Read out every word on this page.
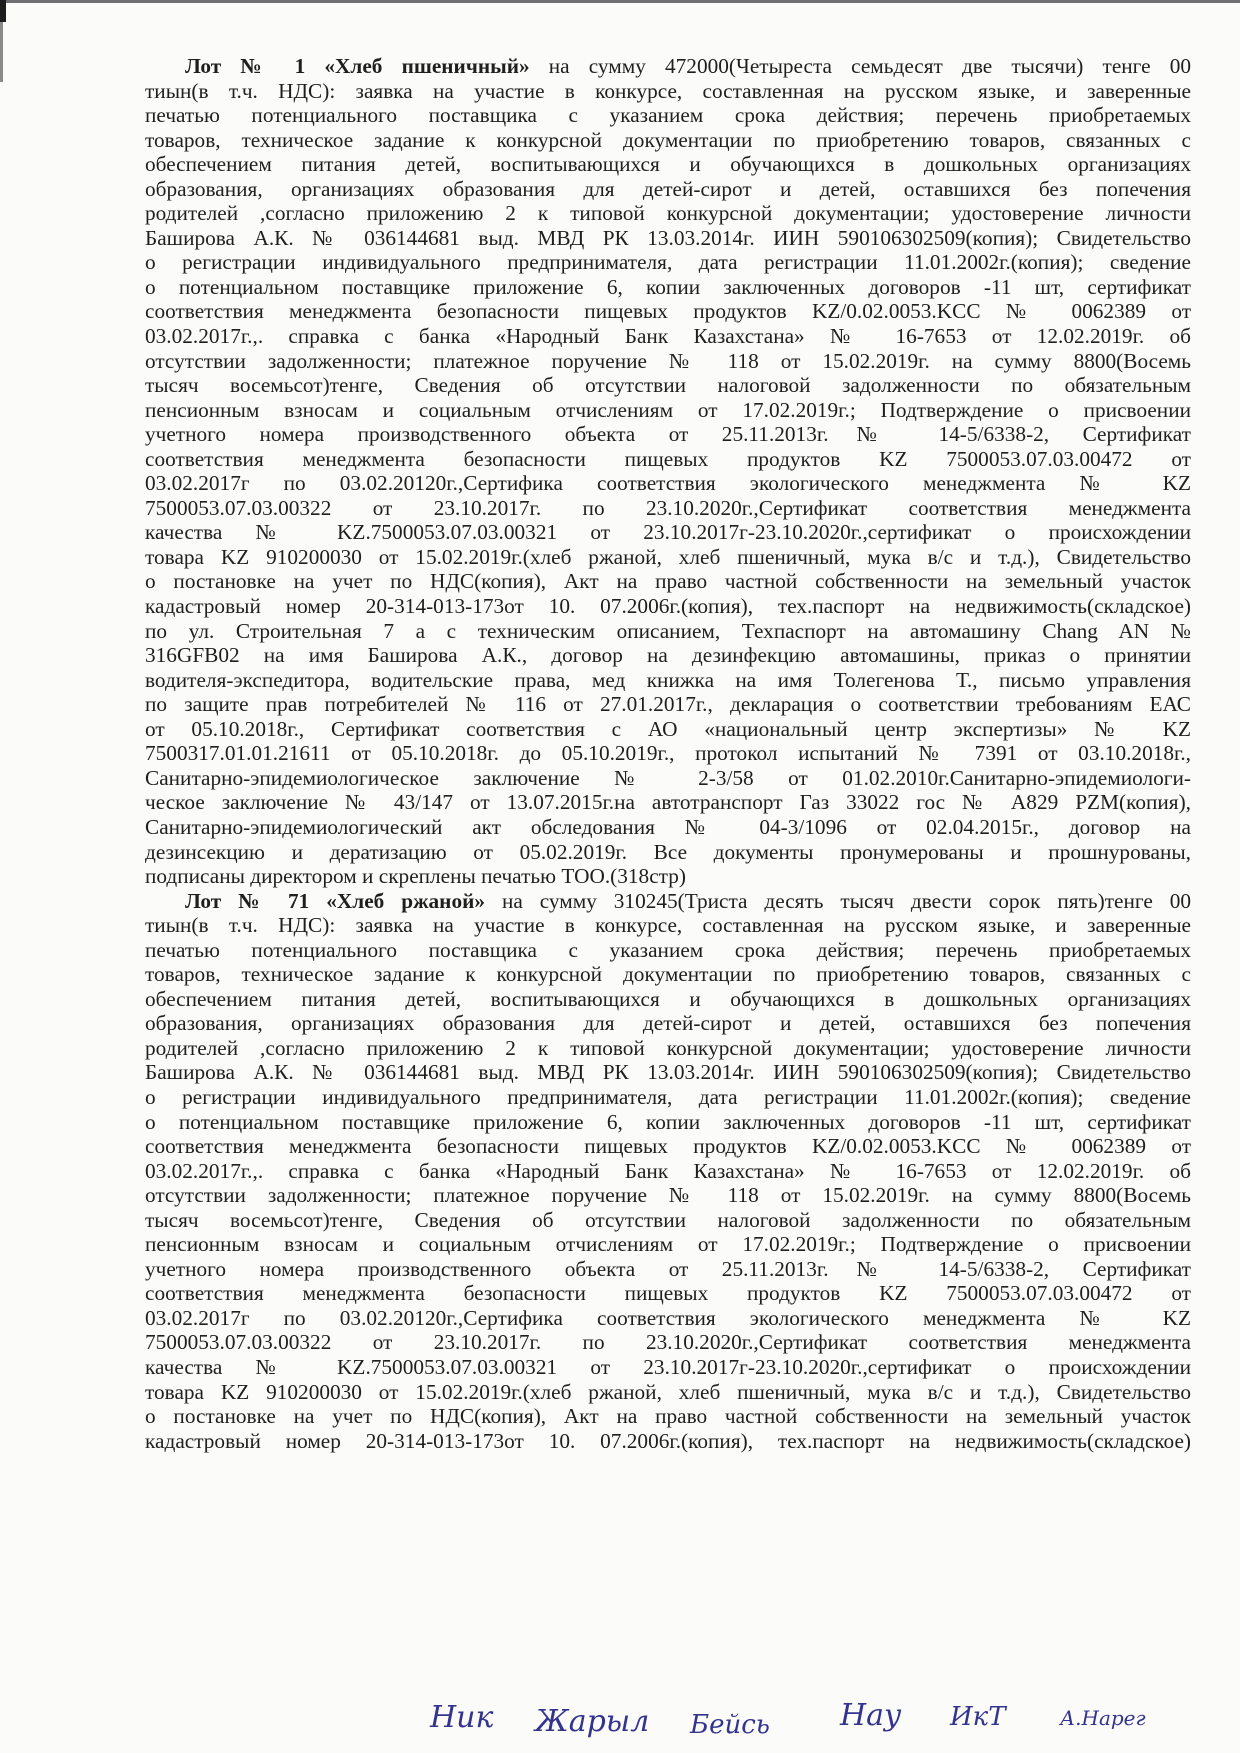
Лот № 1 «Хлеб пшеничный» на сумму 472000(Четыреста семьдесят две тысячи) тенге 00
тиын(в т.ч. НДС): заявка на участие в конкурсе, составленная на русском языке, и заверенные
печатью потенциального поставщика с указанием срока действия; перечень приобретаемых
товаров, техническое задание к конкурсной документации по приобретению товаров, связанных с
обеспечением питания детей, воспитывающихся и обучающихся в дошкольных организациях
образования, организациях образования для детей-сирот и детей, оставшихся без попечения
родителей ,согласно приложению 2 к типовой конкурсной документации; удостоверение личности
Баширова А.К. № 036144681 выд. МВД РК 13.03.2014г. ИИН 590106302509(копия); Свидетельство
о регистрации индивидуального предпринимателя, дата регистрации 11.01.2002г.(копия); сведение
о потенциальном поставщике приложение 6, копии заключенных договоров -11 шт, сертификат
соответствия менеджмента безопасности пищевых продуктов KZ/0.02.0053.KCC № 0062389 от
03.02.2017г.,. справка с банка «Народный Банк Казахстана» № 16-7653 от 12.02.2019г. об
отсутствии задолженности; платежное поручение № 118 от 15.02.2019г. на сумму 8800(Восемь
тысяч восемьсот)тенге, Сведения об отсутствии налоговой задолженности по обязательным
пенсионным взносам и социальным отчислениям от 17.02.2019г.; Подтверждение о присвоении
учетного номера производственного объекта от 25.11.2013г.№ 14-5/6338-2, Сертификат
соответствия менеджмента безопасности пищевых продуктов KZ 7500053.07.03.00472 от
03.02.2017г по 03.02.20120г.,Сертифика соответствия экологического менеджмента № KZ
7500053.07.03.00322 от 23.10.2017г. по 23.10.2020г.,Сертификат соответствия менеджмента
качества № KZ.7500053.07.03.00321 от 23.10.2017г-23.10.2020г.,сертификат о происхождении
товара KZ 910200030 от 15.02.2019г.(хлеб ржаной, хлеб пшеничный, мука в/с и т.д.), Свидетельство
о постановке на учет по НДС(копия), Акт на право частной собственности на земельный участок
кадастровый номер 20-314-013-173от 10. 07.2006г.(копия), тех.паспорт на недвижимость(складское)
по ул. Строительная 7 а с техническим описанием, Техпаспорт на автомашину Chang AN №
316GFB02 на имя Баширова А.К., договор на дезинфекцию автомашины, приказ о принятии
водителя-экспедитора, водительские права, мед книжка на имя Толегенова Т., письмо управления
по защите прав потребителей № 116 от 27.01.2017г., декларация о соответствии требованиям ЕАС
от 05.10.2018г., Сертификат соответствия с АО «национальный центр экспертизы» № KZ
7500317.01.01.21611 от 05.10.2018г. до 05.10.2019г., протокол испытаний № 7391 от 03.10.2018г.,
Санитарно-эпидемиологическое заключение № 2-3/58 от 01.02.2010г.Санитарно-эпидемиологи-
ческое заключение № 43/147 от 13.07.2015г.на автотранспорт Газ 33022 гос № А829 PZM(копия),
Санитарно-эпидемиологический акт обследования № 04-3/1096 от 02.04.2015г., договор на
дезинсекцию и дератизацию от 05.02.2019г. Все документы пронумерованы и прошнурованы,
подписаны директором и скреплены печатью ТОО.(318стр)
Лот № 71 «Хлеб ржаной» на сумму 310245(Триста десять тысяч двести сорок пять)тенге 00
тиын(в т.ч. НДС): заявка на участие в конкурсе, составленная на русском языке, и заверенные
печатью потенциального поставщика с указанием срока действия; перечень приобретаемых
товаров, техническое задание к конкурсной документации по приобретению товаров, связанных с
обеспечением питания детей, воспитывающихся и обучающихся в дошкольных организациях
образования, организациях образования для детей-сирот и детей, оставшихся без попечения
родителей ,согласно приложению 2 к типовой конкурсной документации; удостоверение личности
Баширова А.К. № 036144681 выд. МВД РК 13.03.2014г. ИИН 590106302509(копия); Свидетельство
о регистрации индивидуального предпринимателя, дата регистрации 11.01.2002г.(копия); сведение
о потенциальном поставщике приложение 6, копии заключенных договоров -11 шт, сертификат
соответствия менеджмента безопасности пищевых продуктов KZ/0.02.0053.KCC № 0062389 от
03.02.2017г.,. справка с банка «Народный Банк Казахстана» № 16-7653 от 12.02.2019г. об
отсутствии задолженности; платежное поручение № 118 от 15.02.2019г. на сумму 8800(Восемь
тысяч восемьсот)тенге, Сведения об отсутствии налоговой задолженности по обязательным
пенсионным взносам и социальным отчислениям от 17.02.2019г.; Подтверждение о присвоении
учетного номера производственного объекта от 25.11.2013г.№ 14-5/6338-2, Сертификат
соответствия менеджмента безопасности пищевых продуктов KZ 7500053.07.03.00472 от
03.02.2017г по 03.02.20120г.,Сертифика соответствия экологического менеджмента № KZ
7500053.07.03.00322 от 23.10.2017г. по 23.10.2020г.,Сертификат соответствия менеджмента
качества № KZ.7500053.07.03.00321 от 23.10.2017г-23.10.2020г.,сертификат о происхождении
товара KZ 910200030 от 15.02.2019г.(хлеб ржаной, хлеб пшеничный, мука в/с и т.д.), Свидетельство
о постановке на учет по НДС(копия), Акт на право частной собственности на земельный участок
кадастровый номер 20-314-013-173от 10. 07.2006г.(копия), тех.паспорт на недвижимость(складское)
Ник Жарыл Бейсь Нау ИкТ	А.Нарег
